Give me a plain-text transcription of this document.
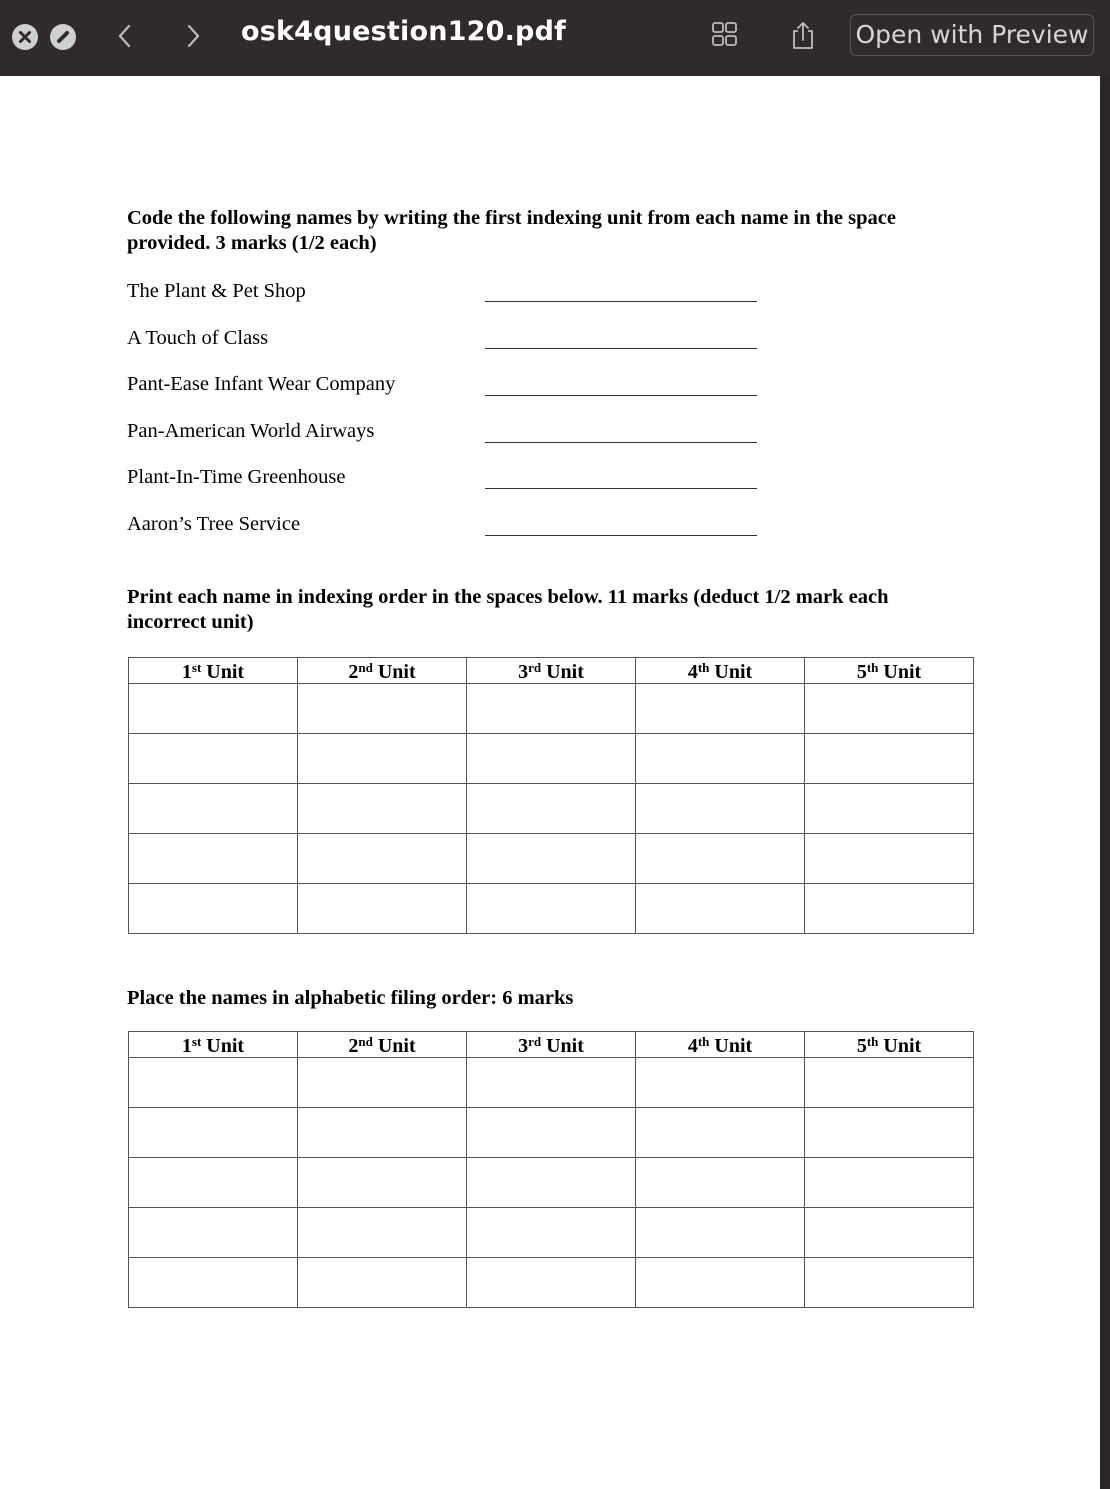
osk4question120.pdf	Open with Preview
Code the following names by writing the first indexing unit from each name in the space provided. 3 marks (1/2 each)
The Plant & Pet Shop
A Touch of Class
Pant-Ease Infant Wear Company
Pan-American World Airways
Plant-In-Time Greenhouse
Aaron’s Tree Service
Print each name in indexing order in the spaces below. 11 marks (deduct 1/2 mark each incorrect unit)
1st Unit	2nd Unit	3rd Unit	4th Unit	5th Unit

Place the names in alphabetic filing order: 6 marks
1st Unit	2nd Unit	3rd Unit	4th Unit	5th Unit
